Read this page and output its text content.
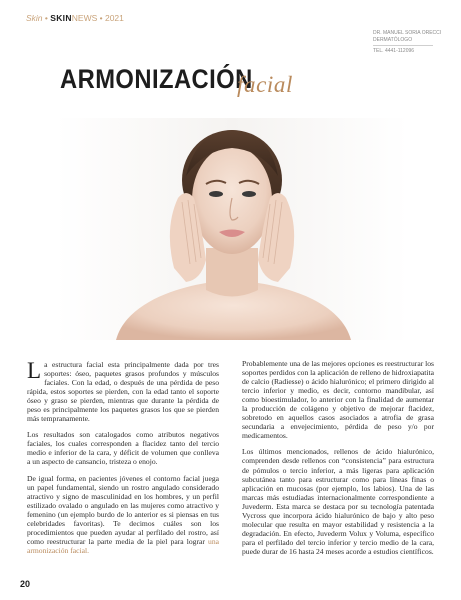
Skin • SKINNEWS • 2021
DR. MANUEL SORIA ORECCI
DERMATÓLOGO
TEL. 4441-112096
ARMONIZACIÓN
facial

La estructura facial esta principalmente dada por tres soportes: óseo, paquetes grasos profundos y músculos faciales. Con la edad, o después de una pérdida de peso rápida, estos soportes se pierden, con la edad tanto el soporte óseo y graso se pierden, mientras que durante la pérdida de peso es principalmente los paquetes grasos los que se pierden más tempranamente.

Los resultados son catalogados como atributos negativos faciales, los cuales corresponden a flacidez tanto del tercio medio e inferior de la cara, y déficit de volumen que conlleva a un aspecto de cansancio, tristeza o enojo.

De igual forma, en pacientes jóvenes el contorno facial juega un papel fundamental, siendo un rostro angulado considerado atractivo y signo de masculinidad en los hombres, y un perfil estilizado ovalado o angulado en las mujeres como atractivo y femenino (un ejemplo burdo de lo anterior es si piensas en tus celebridades favoritas). Te decimos cuáles son los procedimientos que pueden ayudar al perfilado del rostro, así como reestructurar la parte media de la piel para lograr una armonización facial.

Probablemente una de las mejores opciones es reestructurar los soportes perdidos con la aplicación de relleno de hidroxiapatita de calcio (Radiesse) o ácido hialurónico; el primero dirigido al tercio inferior y medio, es decir, contorno mandibular, así como bioestimulador, lo anterior con la finalidad de aumentar la producción de colágeno y objetivo de mejorar flacidez, sobretodo en aquellos casos asociados a atrofia de grasa secundaria a envejecimiento, pérdida de peso y/o por medicamentos.

Los últimos mencionados, rellenos de ácido hialurónico, comprenden desde rellenos con “consistencia” para estructura de pómulos o tercio inferior, a más ligeras para aplicación subcutánea tanto para estructurar como para líneas finas o aplicación en mucosas (por ejemplo, los labios). Una de las marcas más estudiadas internacionalmente correspondiente a Juvederm. Esta marca se destaca por su tecnología patentada Vycross que incorpora ácido hialurónico de bajo y alto peso molecular que resulta en mayor estabilidad y resistencia a la degradación. En efecto, Juvederm Volux y Voluma, específico para el perfilado del tercio inferior y tercio medio de la cara, puede durar de 16 hasta 24 meses acorde a estudios científicos.

20
